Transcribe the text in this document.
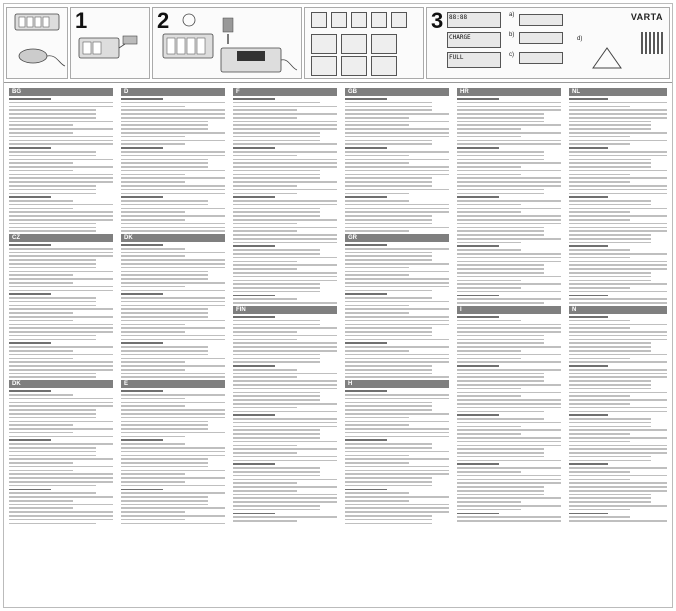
1	2	3	VARTA
88:88
CHARGE
FULL
a)
b)
c)
d)
BG
CZ
DK
D
DK
E
F
FIN
GB
GR
H
HR
I
NL
N
